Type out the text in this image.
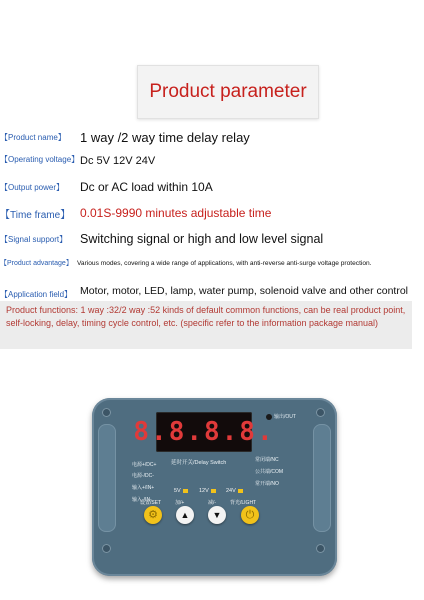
Product parameter
【Product name】 1 way /2 way time delay relay
【Operating voltage】 Dc 5V 12V 24V
【Output power】 Dc or AC load within 10A
【Time frame】 0.01S-9990 minutes adjustable time
【Signal support】 Switching signal or high and low level signal
【Product advantage】 Various modes, covering a wide range of applications, with anti-reverse anti-surge voltage protection.
【Application field】 Motor, motor, LED, lamp, water pump, solenoid valve and other control
Product functions: 1 way :32/2 way :52 kinds of default common functions, can be real product point, self-locking, delay, timing cycle control, etc. (specific refer to the information package manual)
输出/OUT
8.8.8.8.
延时开关/Delay Switch
电源+/DC+
电源-/DC-
输入+/IN+
输入-/IN-
常闭端/NC
公共端/COM
常开端/NO
5V	12V	24V
设置/SET	加/+	减/-	背光/LIGHT
⚙	▲	▼ ⏻
